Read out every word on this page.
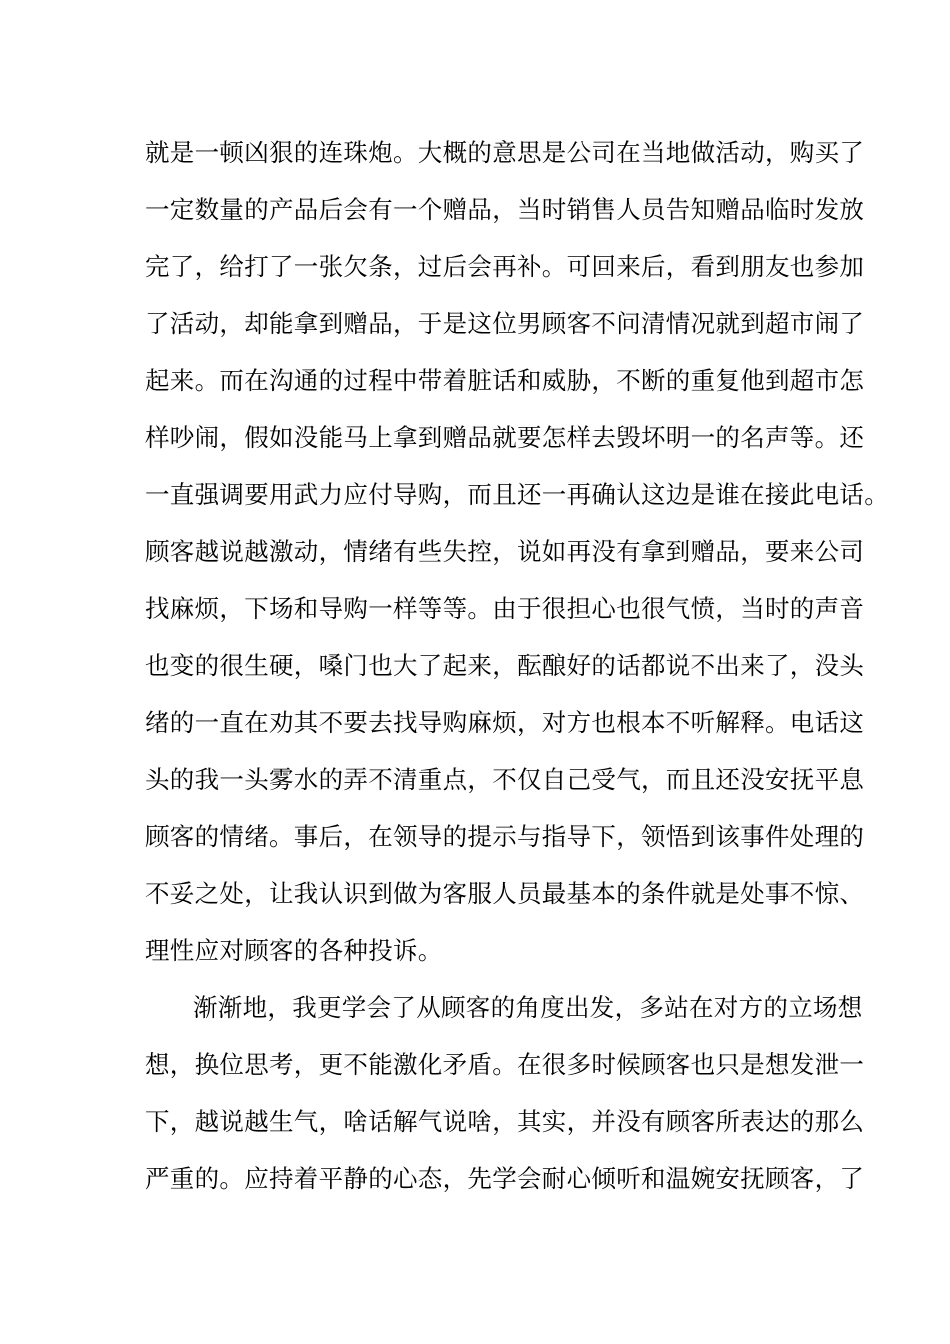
就是一顿凶狠的连珠炮。大概的意思是公司在当地做活动，购买了
一定数量的产品后会有一个赠品，当时销售人员告知赠品临时发放
完了，给打了一张欠条，过后会再补。可回来后，看到朋友也参加
了活动，却能拿到赠品，于是这位男顾客不问清情况就到超市闹了
起来。而在沟通的过程中带着脏话和威胁，不断的重复他到超市怎
样吵闹，假如没能马上拿到赠品就要怎样去毁坏明一的名声等。还
一直强调要用武力应付导购，而且还一再确认这边是谁在接此电话。
顾客越说越激动，情绪有些失控，说如再没有拿到赠品，要来公司
找麻烦，下场和导购一样等等。由于很担心也很气愤，当时的声音
也变的很生硬，嗓门也大了起来，酝酿好的话都说不出来了，没头
绪的一直在劝其不要去找导购麻烦，对方也根本不听解释。电话这
头的我一头雾水的弄不清重点，不仅自己受气，而且还没安抚平息
顾客的情绪。事后，在领导的提示与指导下，领悟到该事件处理的
不妥之处，让我认识到做为客服人员最基本的条件就是处事不惊、
理性应对顾客的各种投诉。
渐渐地，我更学会了从顾客的角度出发，多站在对方的立场想
想，换位思考，更不能激化矛盾。在很多时候顾客也只是想发泄一
下，越说越生气，啥话解气说啥，其实，并没有顾客所表达的那么
严重的。应持着平静的心态，先学会耐心倾听和温婉安抚顾客，了
